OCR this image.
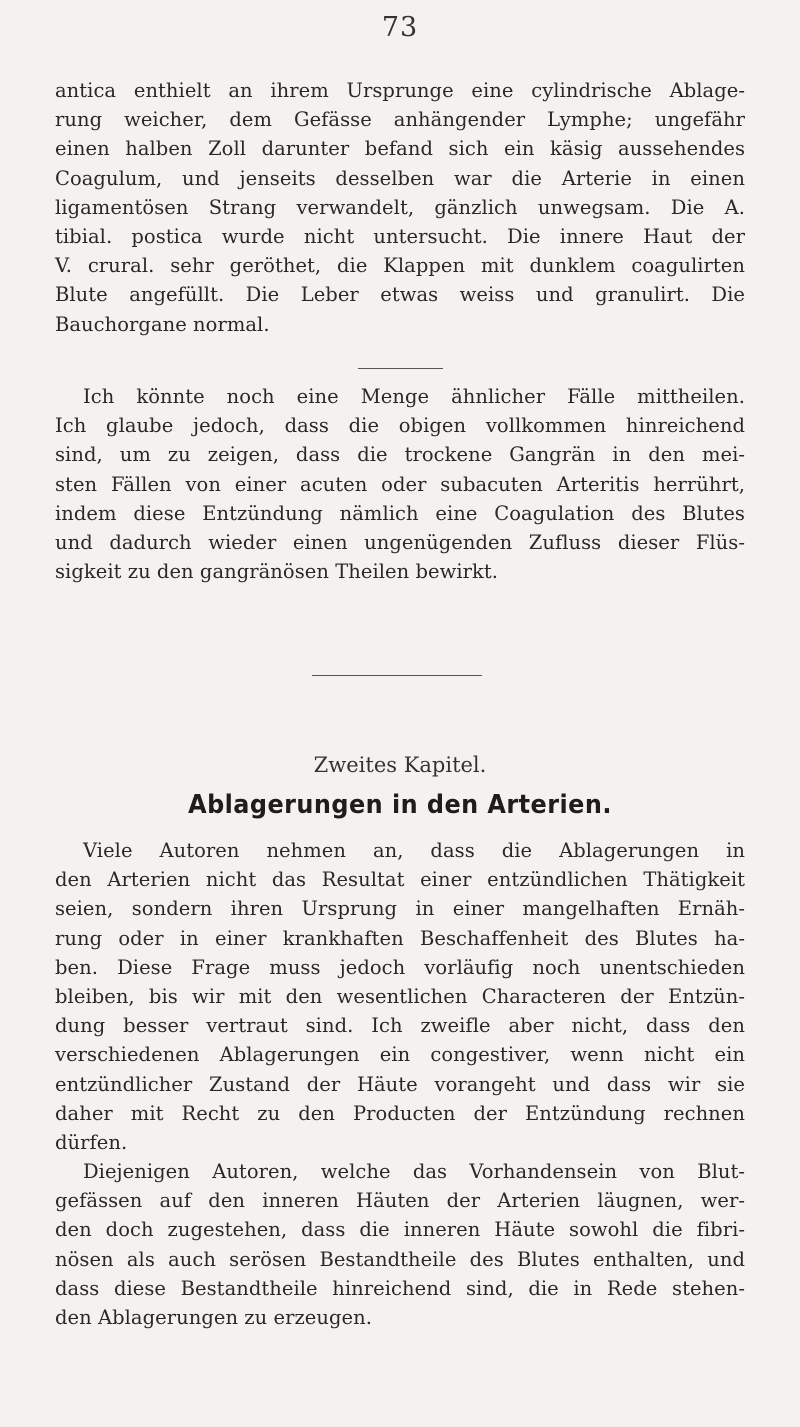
73
antica enthielt an ihrem Ursprunge eine cylindrische Ablage-
rung weicher, dem Gefässe anhängender Lymphe; ungefähr
einen halben Zoll darunter befand sich ein käsig aussehendes
Coagulum, und jenseits desselben war die Arterie in einen
ligamentösen Strang verwandelt, gänzlich unwegsam. Die A.
tibial. postica wurde nicht untersucht. Die innere Haut der
V. crural. sehr geröthet, die Klappen mit dunklem coagulirten
Blute angefüllt. Die Leber etwas weiss und granulirt. Die
Bauchorgane normal.
Ich könnte noch eine Menge ähnlicher Fälle mittheilen.
Ich glaube jedoch, dass die obigen vollkommen hinreichend
sind, um zu zeigen, dass die trockene Gangrän in den mei-
sten Fällen von einer acuten oder subacuten Arteritis herrührt,
indem diese Entzündung nämlich eine Coagulation des Blutes
und dadurch wieder einen ungenügenden Zufluss dieser Flüs-
sigkeit zu den gangränösen Theilen bewirkt.
Zweites Kapitel.
Ablagerungen in den Arterien.
Viele Autoren nehmen an, dass die Ablagerungen in
den Arterien nicht das Resultat einer entzündlichen Thätigkeit
seien, sondern ihren Ursprung in einer mangelhaften Ernäh-
rung oder in einer krankhaften Beschaffenheit des Blutes ha-
ben. Diese Frage muss jedoch vorläufig noch unentschieden
bleiben, bis wir mit den wesentlichen Characteren der Entzün-
dung besser vertraut sind. Ich zweifle aber nicht, dass den
verschiedenen Ablagerungen ein congestiver, wenn nicht ein
entzündlicher Zustand der Häute vorangeht und dass wir sie
daher mit Recht zu den Producten der Entzündung rechnen
dürfen.
Diejenigen Autoren, welche das Vorhandensein von Blut-
gefässen auf den inneren Häuten der Arterien läugnen, wer-
den doch zugestehen, dass die inneren Häute sowohl die fibri-
nösen als auch serösen Bestandtheile des Blutes enthalten, und
dass diese Bestandtheile hinreichend sind, die in Rede stehen-
den Ablagerungen zu erzeugen.
